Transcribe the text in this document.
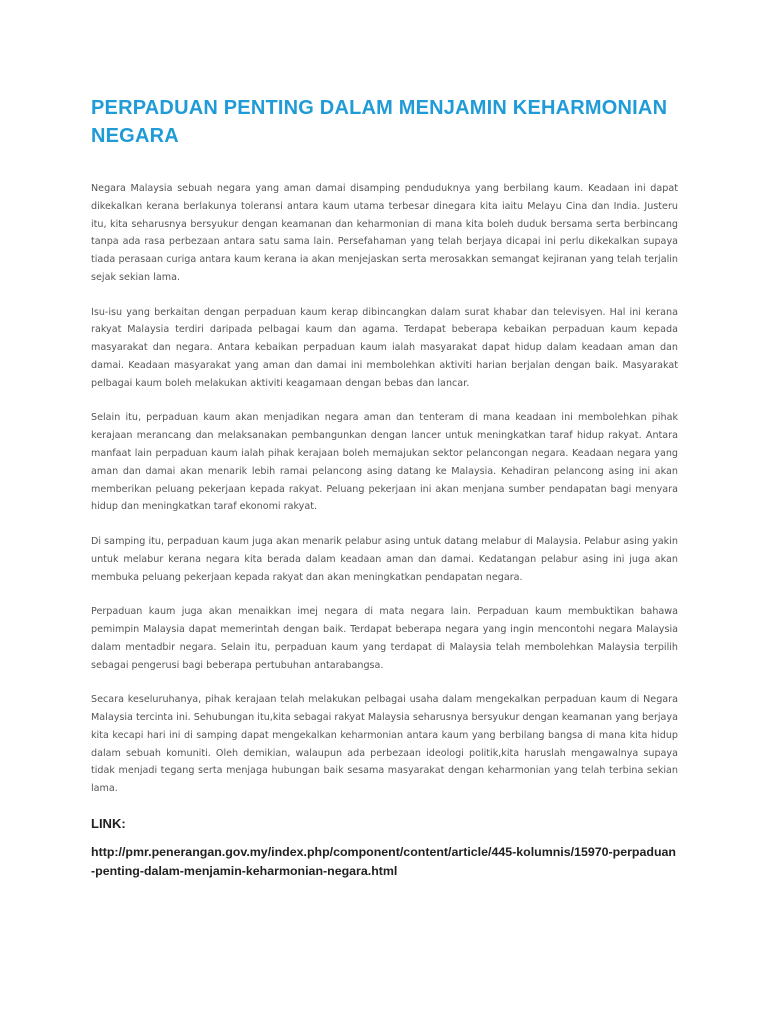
PERPADUAN PENTING DALAM MENJAMIN KEHARMONIAN NEGARA

Negara Malaysia sebuah negara yang aman damai disamping penduduknya yang berbilang kaum. Keadaan ini dapat dikekalkan kerana berlakunya toleransi antara kaum utama terbesar dinegara kita iaitu Melayu Cina dan India. Justeru itu, kita seharusnya bersyukur dengan keamanan dan keharmonian di mana kita boleh duduk bersama serta berbincang tanpa ada rasa perbezaan antara satu sama lain. Persefahaman yang telah berjaya dicapai ini perlu dikekalkan supaya tiada perasaan curiga antara kaum kerana ia akan menjejaskan serta merosakkan semangat kejiranan yang telah terjalin sejak sekian lama.

Isu-isu yang berkaitan dengan perpaduan kaum kerap dibincangkan dalam surat khabar dan televisyen. Hal ini kerana rakyat Malaysia terdiri daripada pelbagai kaum dan agama. Terdapat beberapa kebaikan perpaduan kaum kepada masyarakat dan negara. Antara kebaikan perpaduan kaum ialah masyarakat dapat hidup dalam keadaan aman dan damai. Keadaan masyarakat yang aman dan damai ini membolehkan aktiviti harian berjalan dengan baik. Masyarakat pelbagai kaum boleh melakukan aktiviti keagamaan dengan bebas dan lancar.

Selain itu, perpaduan kaum akan menjadikan negara aman dan tenteram di mana keadaan ini membolehkan pihak kerajaan merancang dan melaksanakan pembangunkan dengan lancer untuk meningkatkan taraf hidup rakyat. Antara manfaat lain perpaduan kaum ialah pihak kerajaan boleh memajukan sektor pelancongan negara. Keadaan negara yang aman dan damai akan menarik lebih ramai pelancong asing datang ke Malaysia. Kehadiran pelancong asing ini akan memberikan peluang pekerjaan kepada rakyat. Peluang pekerjaan ini akan menjana sumber pendapatan bagi menyara hidup dan meningkatkan taraf ekonomi rakyat.

Di samping itu, perpaduan kaum juga akan menarik pelabur asing untuk datang melabur di Malaysia. Pelabur asing yakin untuk melabur kerana negara kita berada dalam keadaan aman dan damai. Kedatangan pelabur asing ini juga akan membuka peluang pekerjaan kepada rakyat dan akan meningkatkan pendapatan negara.

Perpaduan kaum juga akan menaikkan imej negara di mata negara lain. Perpaduan kaum membuktikan bahawa pemimpin Malaysia dapat memerintah dengan baik. Terdapat beberapa negara yang ingin mencontohi negara Malaysia dalam mentadbir negara. Selain itu, perpaduan kaum yang terdapat di Malaysia telah membolehkan Malaysia terpilih sebagai pengerusi bagi beberapa pertubuhan antarabangsa.

Secara keseluruhanya, pihak kerajaan telah melakukan pelbagai usaha dalam mengekalkan perpaduan kaum di Negara Malaysia tercinta ini. Sehubungan itu,kita sebagai rakyat Malaysia seharusnya bersyukur dengan keamanan yang berjaya kita kecapi hari ini di samping dapat mengekalkan keharmonian antara kaum yang berbilang bangsa di mana kita hidup dalam sebuah komuniti. Oleh demikian, walaupun ada perbezaan ideologi politik,kita haruslah mengawalnya supaya tidak menjadi tegang serta menjaga hubungan baik sesama masyarakat dengan keharmonian yang telah terbina sekian lama.

LINK:
http://pmr.penerangan.gov.my/index.php/component/content/article/445-kolumnis/15970-perpaduan-penting-dalam-menjamin-keharmonian-negara.html
